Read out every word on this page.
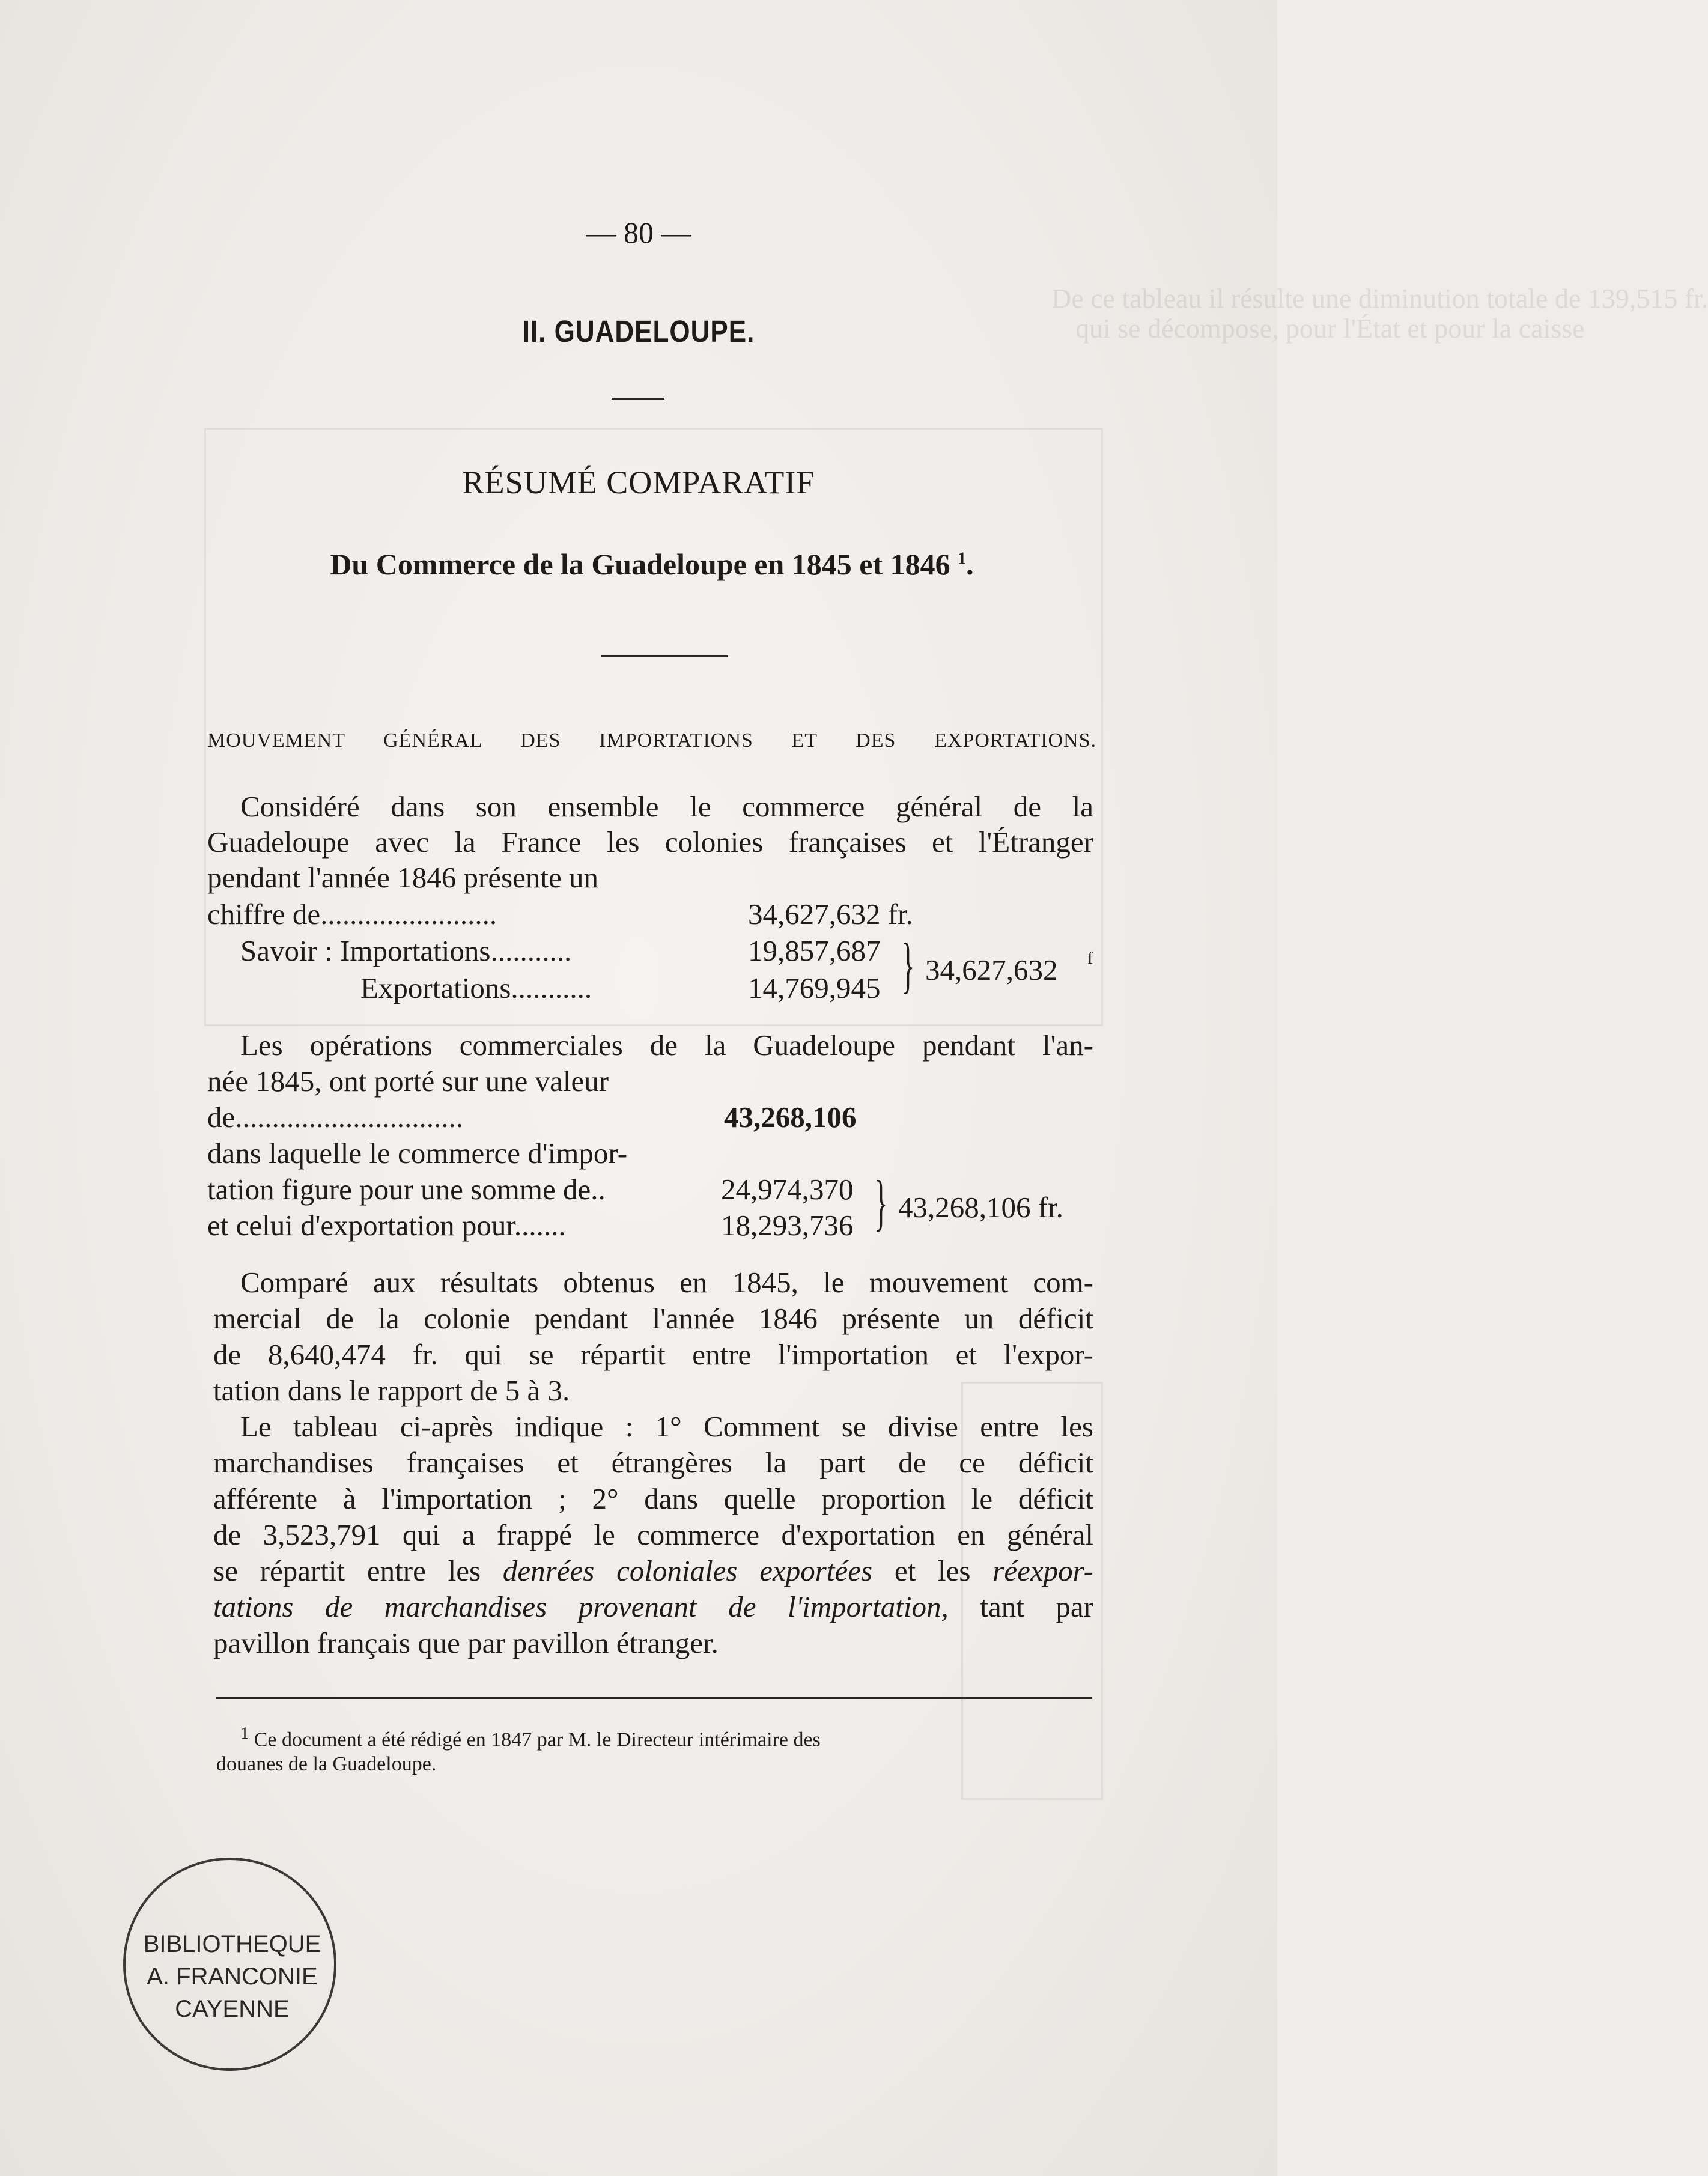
De ce tableau il résulte une diminution totale de 139,515 fr.
qui se décompose, pour l'État et pour la caisse
— 80 —
II. GUADELOUPE.
RÉSUMÉ COMPARATIF
Du Commerce de la Guadeloupe en 1845 et 1846 $^1$.
MOUVEMENT GÉNÉRAL DES IMPORTATIONS ET DES EXPORTATIONS.
Considéré dans son ensemble le commerce général de la
Guadeloupe avec la France les colonies françaises et l'Étranger
pendant l'année 1846 présente un
chiffre de........................	34,627,632 fr.
Savoir : Importations...........	19,857,687
Exportations...........	14,769,945 } 34,627,632 f
Les opérations commerciales de la Guadeloupe pendant l'an-
née 1845, ont porté sur une valeur
de...............................	43,268,106
dans laquelle le commerce d'impor-
tation figure pour une somme de..	24,974,370
et celui d'exportation pour.......	18,293,736 } 43,268,106 fr.
Comparé aux résultats obtenus en 1845, le mouvement com-
mercial de la colonie pendant l'année 1846 présente un déficit
de 8,640,474 fr. qui se répartit entre l'importation et l'expor-
tation dans le rapport de 5 à 3.
Le tableau ci-après indique : 1° Comment se divise entre les
marchandises françaises et étrangères la part de ce déficit
afférente à l'importation ; 2° dans quelle proportion le déficit
de 3,523,791 qui a frappé le commerce d'exportation en général
se répartit entre les denrées coloniales exportées et les réexpor-
tations de marchandises provenant de l'importation, tant par
pavillon français que par pavillon étranger.
$^1$ Ce document a été rédigé en 1847 par M. le Directeur intérimaire des
douanes de la Guadeloupe.
BIBLIOTHEQUE
A. FRANCONIE
CAYENNE
